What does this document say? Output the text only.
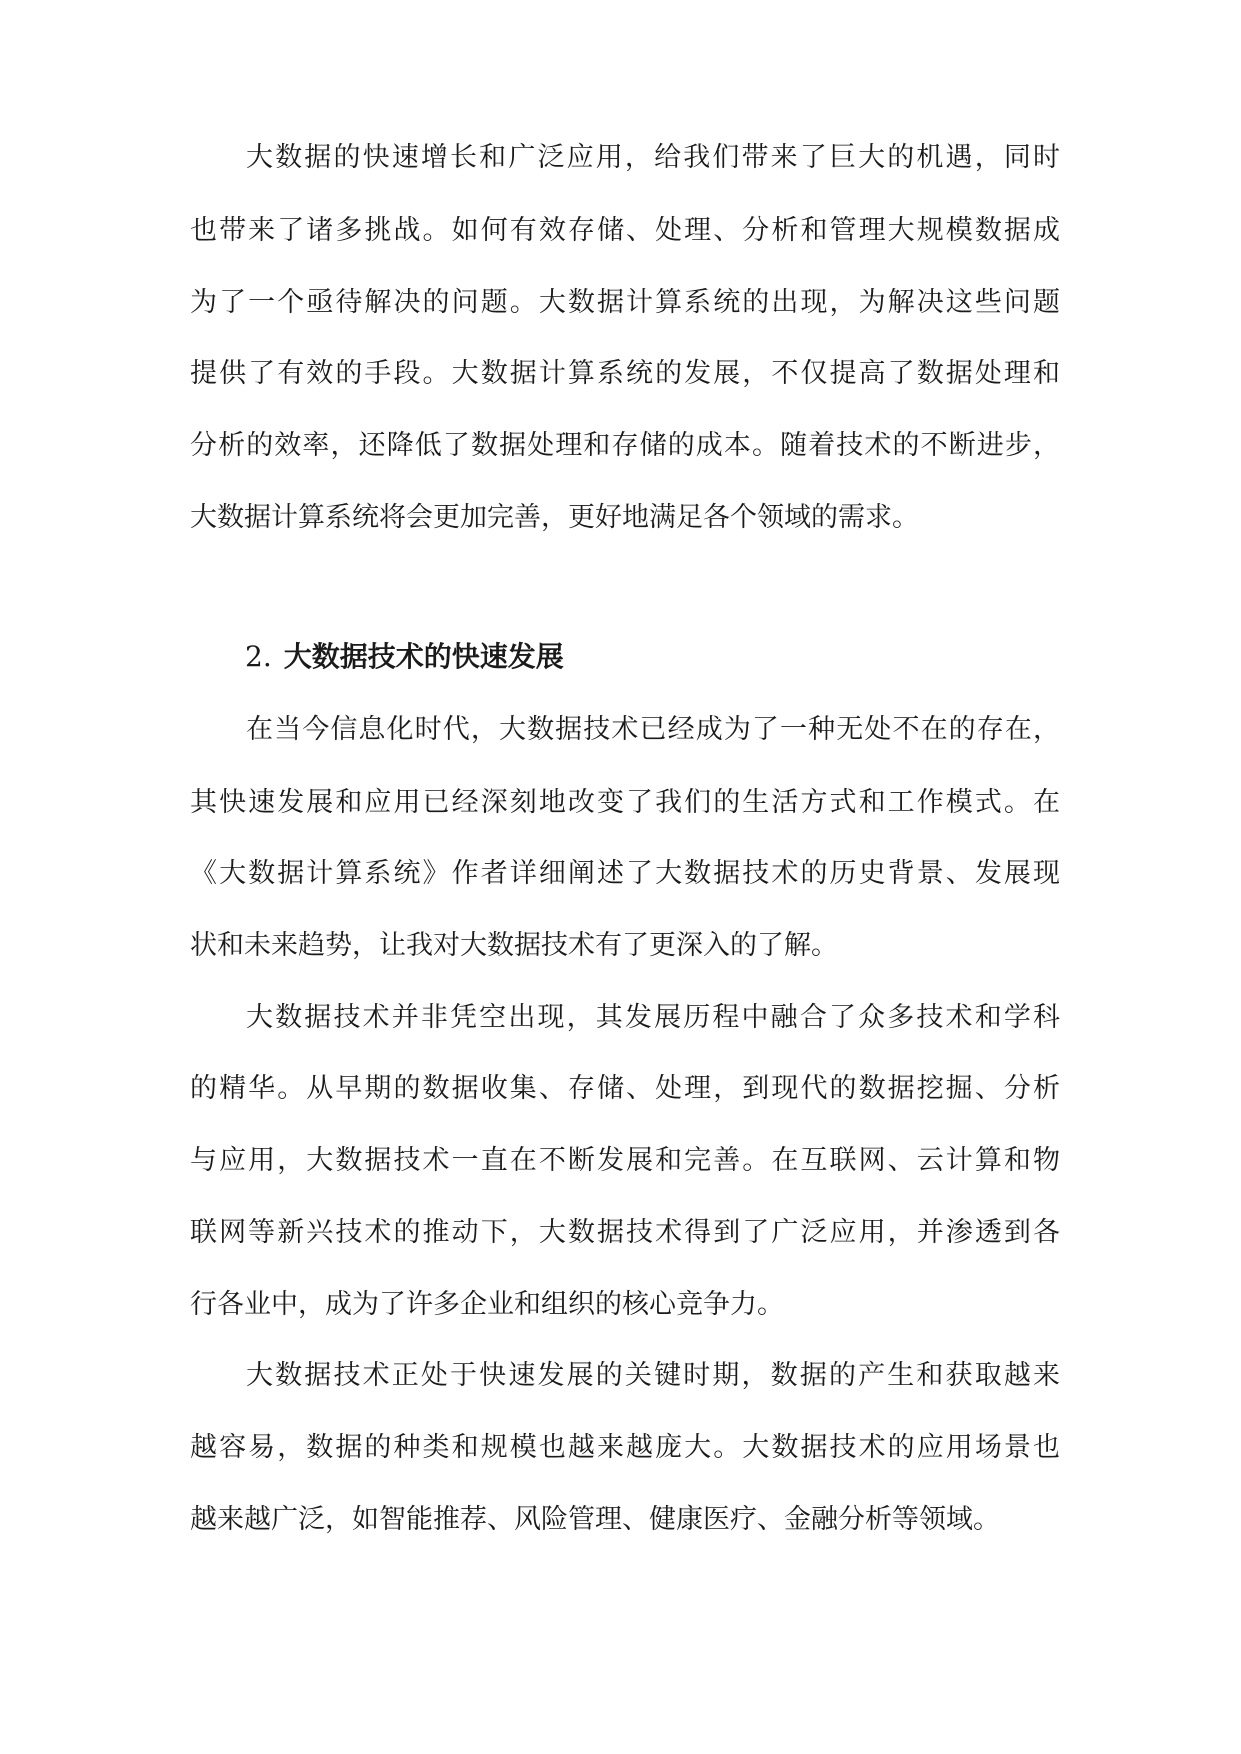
大数据的快速增长和广泛应用，给我们带来了巨大的机遇，同时

也带来了诸多挑战。如何有效存储、处理、分析和管理大规模数据成

为了一个亟待解决的问题。大数据计算系统的出现，为解决这些问题

提供了有效的手段。大数据计算系统的发展，不仅提高了数据处理和

分析的效率，还降低了数据处理和存储的成本。随着技术的不断进步，

大数据计算系统将会更加完善，更好地满足各个领域的需求。

2. 大数据技术的快速发展

在当今信息化时代，大数据技术已经成为了一种无处不在的存在，

其快速发展和应用已经深刻地改变了我们的生活方式和工作模式。在

《大数据计算系统》作者详细阐述了大数据技术的历史背景、发展现

状和未来趋势，让我对大数据技术有了更深入的了解。

大数据技术并非凭空出现，其发展历程中融合了众多技术和学科

的精华。从早期的数据收集、存储、处理，到现代的数据挖掘、分析

与应用，大数据技术一直在不断发展和完善。在互联网、云计算和物

联网等新兴技术的推动下，大数据技术得到了广泛应用，并渗透到各

行各业中，成为了许多企业和组织的核心竞争力。

大数据技术正处于快速发展的关键时期，数据的产生和获取越来

越容易，数据的种类和规模也越来越庞大。大数据技术的应用场景也

越来越广泛，如智能推荐、风险管理、健康医疗、金融分析等领域。
